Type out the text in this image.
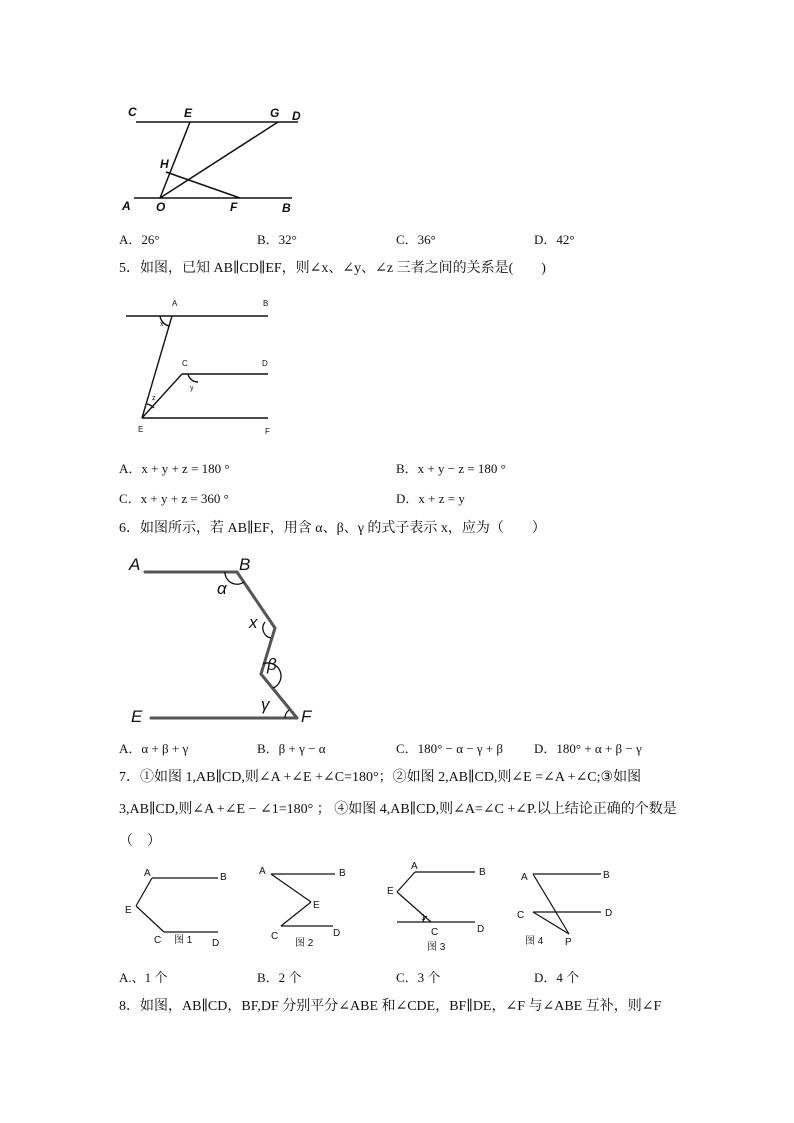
C	E	G D
H
A O	F	B
A．26°	B．32°	C．36°	D．42°
5．如图，已知 AB∥CD∥EF，则∠x、∠y、∠z 三者之间的关系是(　　)
A	B
C	D
E	F
x
y
z
A．x + y + z = 180 °	B．x + y − z = 180 °
C．x + y + z = 360 °	D．x + z = y
6．如图所示，若 AB∥EF，用含 α、β、γ 的式子表示 x，应为（　　）
A	B
α
x
β
γ
E	F
A．α + β + γ	B．β + γ − α	C．180° − α − γ + β D．180° + α + β − γ
7．①如图 1,AB∥CD,则∠A +∠E +∠C=180°；②如图 2,AB∥CD,则∠E =∠A +∠C;③如图
3,AB∥CD,则∠A +∠E − ∠1=180° ； ④如图 4,AB∥CD,则∠A=∠C +∠P.以上结论正确的个数是
（　）
A	B
E
C 图 1 D
A	B
E
C
图 2
D
A
B
E
1
C	D
图 3
A	B
C	D
图 4 P
A.、1 个	B．2 个	C．3 个	D．4 个
8．如图，AB∥CD，BF,DF 分别平分∠ABE 和∠CDE，BF∥DE，∠F 与∠ABE 互补，则∠F
